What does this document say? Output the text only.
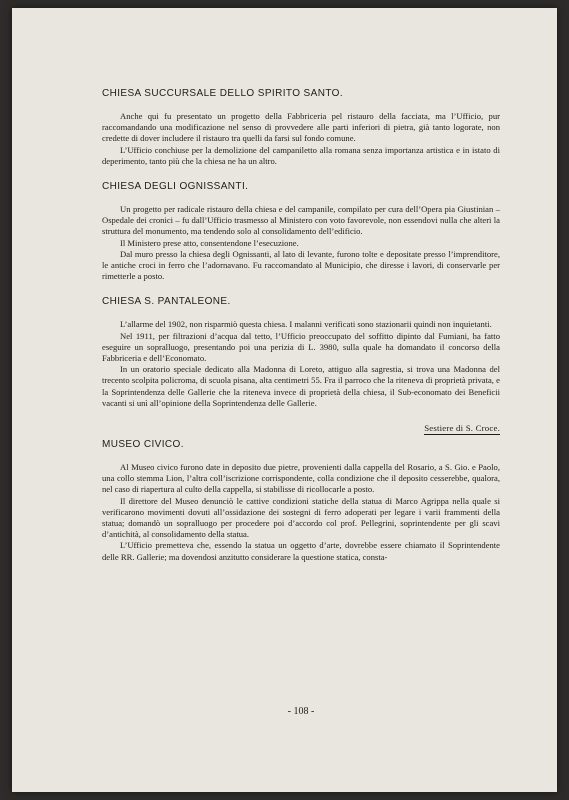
CHIESA SUCCURSALE DELLO SPIRITO SANTO.

Anche qui fu presentato un progetto della Fabbriceria pel ristauro della facciata, ma l’Ufficio, pur raccomandando una modificazione nel senso di provvedere alle parti inferiori di pietra, già tanto logorate, non credette di dover includere il ristauro tra quelli da farsi sul fondo comune.

L’Ufficio conchiuse per la demolizione del campaniletto alla romana senza importanza artistica e in istato di deperimento, tanto più che la chiesa ne ha un altro.

CHIESA DEGLI OGNISSANTI.

Un progetto per radicale ristauro della chiesa e del campanile, compilato per cura dell’Opera pia Giustinian – Ospedale dei cronici – fu dall’Ufficio trasmesso al Ministero con voto favorevole, non essendovi nulla che alteri la struttura del monumento, ma tendendo solo al consolidamento dell’edificio.

Il Ministero prese atto, consentendone l’esecuzione.

Dal muro presso la chiesa degli Ognissanti, al lato di levante, furono tolte e depositate presso l’imprenditore, le antiche croci in ferro che l’adornavano. Fu raccomandato al Municipio, che diresse i lavori, di conservarle per rimetterle a posto.

CHIESA S. PANTALEONE.

L’allarme del 1902, non risparmiò questa chiesa. I malanni verificati sono stazionarii quindi non inquietanti.

Nel 1911, per filtrazioni d’acqua dal tetto, l’Ufficio preoccupato del soffitto dipinto dal Fumiani, ha fatto eseguire un sopralluogo, presentando poi una perizia di L. 3980, sulla quale ha domandato il concorso della Fabbriceria e dell’Economato.

In un oratorio speciale dedicato alla Madonna di Loreto, attiguo alla sagrestia, si trova una Madonna del trecento scolpita policroma, di scuola pisana, alta centimetri 55. Fra il parroco che la riteneva di proprietà privata, e la Soprintendenza delle Gallerie che la riteneva invece di proprietà della chiesa, il Sub-economato dei Beneficii vacanti si unì all’opinione della Soprintendenza delle Gallerie.

Sestiere di S. Croce.
MUSEO CIVICO.

Al Museo civico furono date in deposito due pietre, provenienti dalla cappella del Rosario, a S. Gio. e Paolo, una collo stemma Lion, l’altra coll’iscrizione corrispondente, colla condizione che il deposito cesserebbe, qualora, nel caso di riapertura al culto della cappella, si stabilisse di ricollocarle a posto.

Il direttore del Museo denunciò le cattive condizioni statiche della statua di Marco Agrippa nella quale si verificarono movimenti dovuti all’ossidazione dei sostegni di ferro adoperati per legare i varii frammenti della statua; domandò un sopralluogo per procedere poi d’accordo col prof. Pellegrini, soprintendente per gli scavi d’antichità, al consolidamento della statua.

L’Ufficio premetteva che, essendo la statua un oggetto d’arte, dovrebbe essere chiamato il Soprintendente delle RR. Gallerie; ma dovendosi anzitutto considerare la questione statica, consta-

- 108 -
